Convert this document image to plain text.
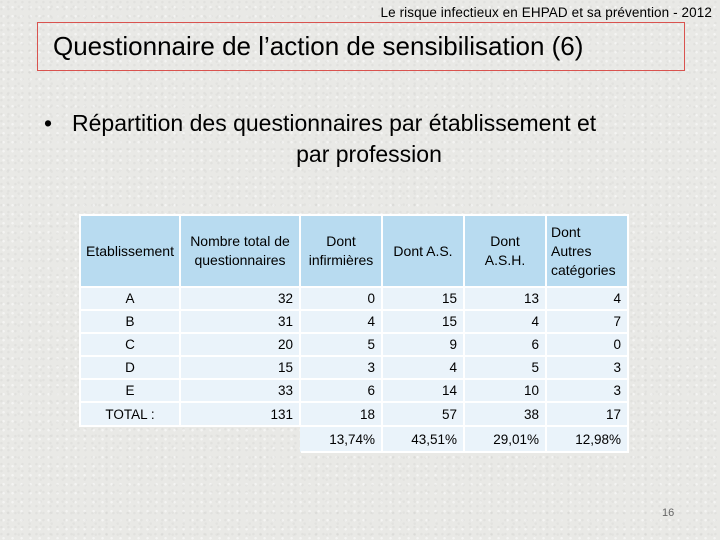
Le risque infectieux en EHPAD et sa prévention - 2012
Questionnaire de l’action de sensibilisation (6)
• Répartition des questionnaires par établissement et
par profession
Etablissement	Nombre total de questionnaires	Dont infirmières	Dont A.S.	Dont A.S.H.	Dont Autres catégories
A	32	0	15	13	4
B	31	4	15	4	7
C	20	5	9	6	0
D	15	3	4	5	3
E	33	6	14	10	3
TOTAL :	131	18	57	38	17
		13,74%	43,51%	29,01%	12,98%
16
